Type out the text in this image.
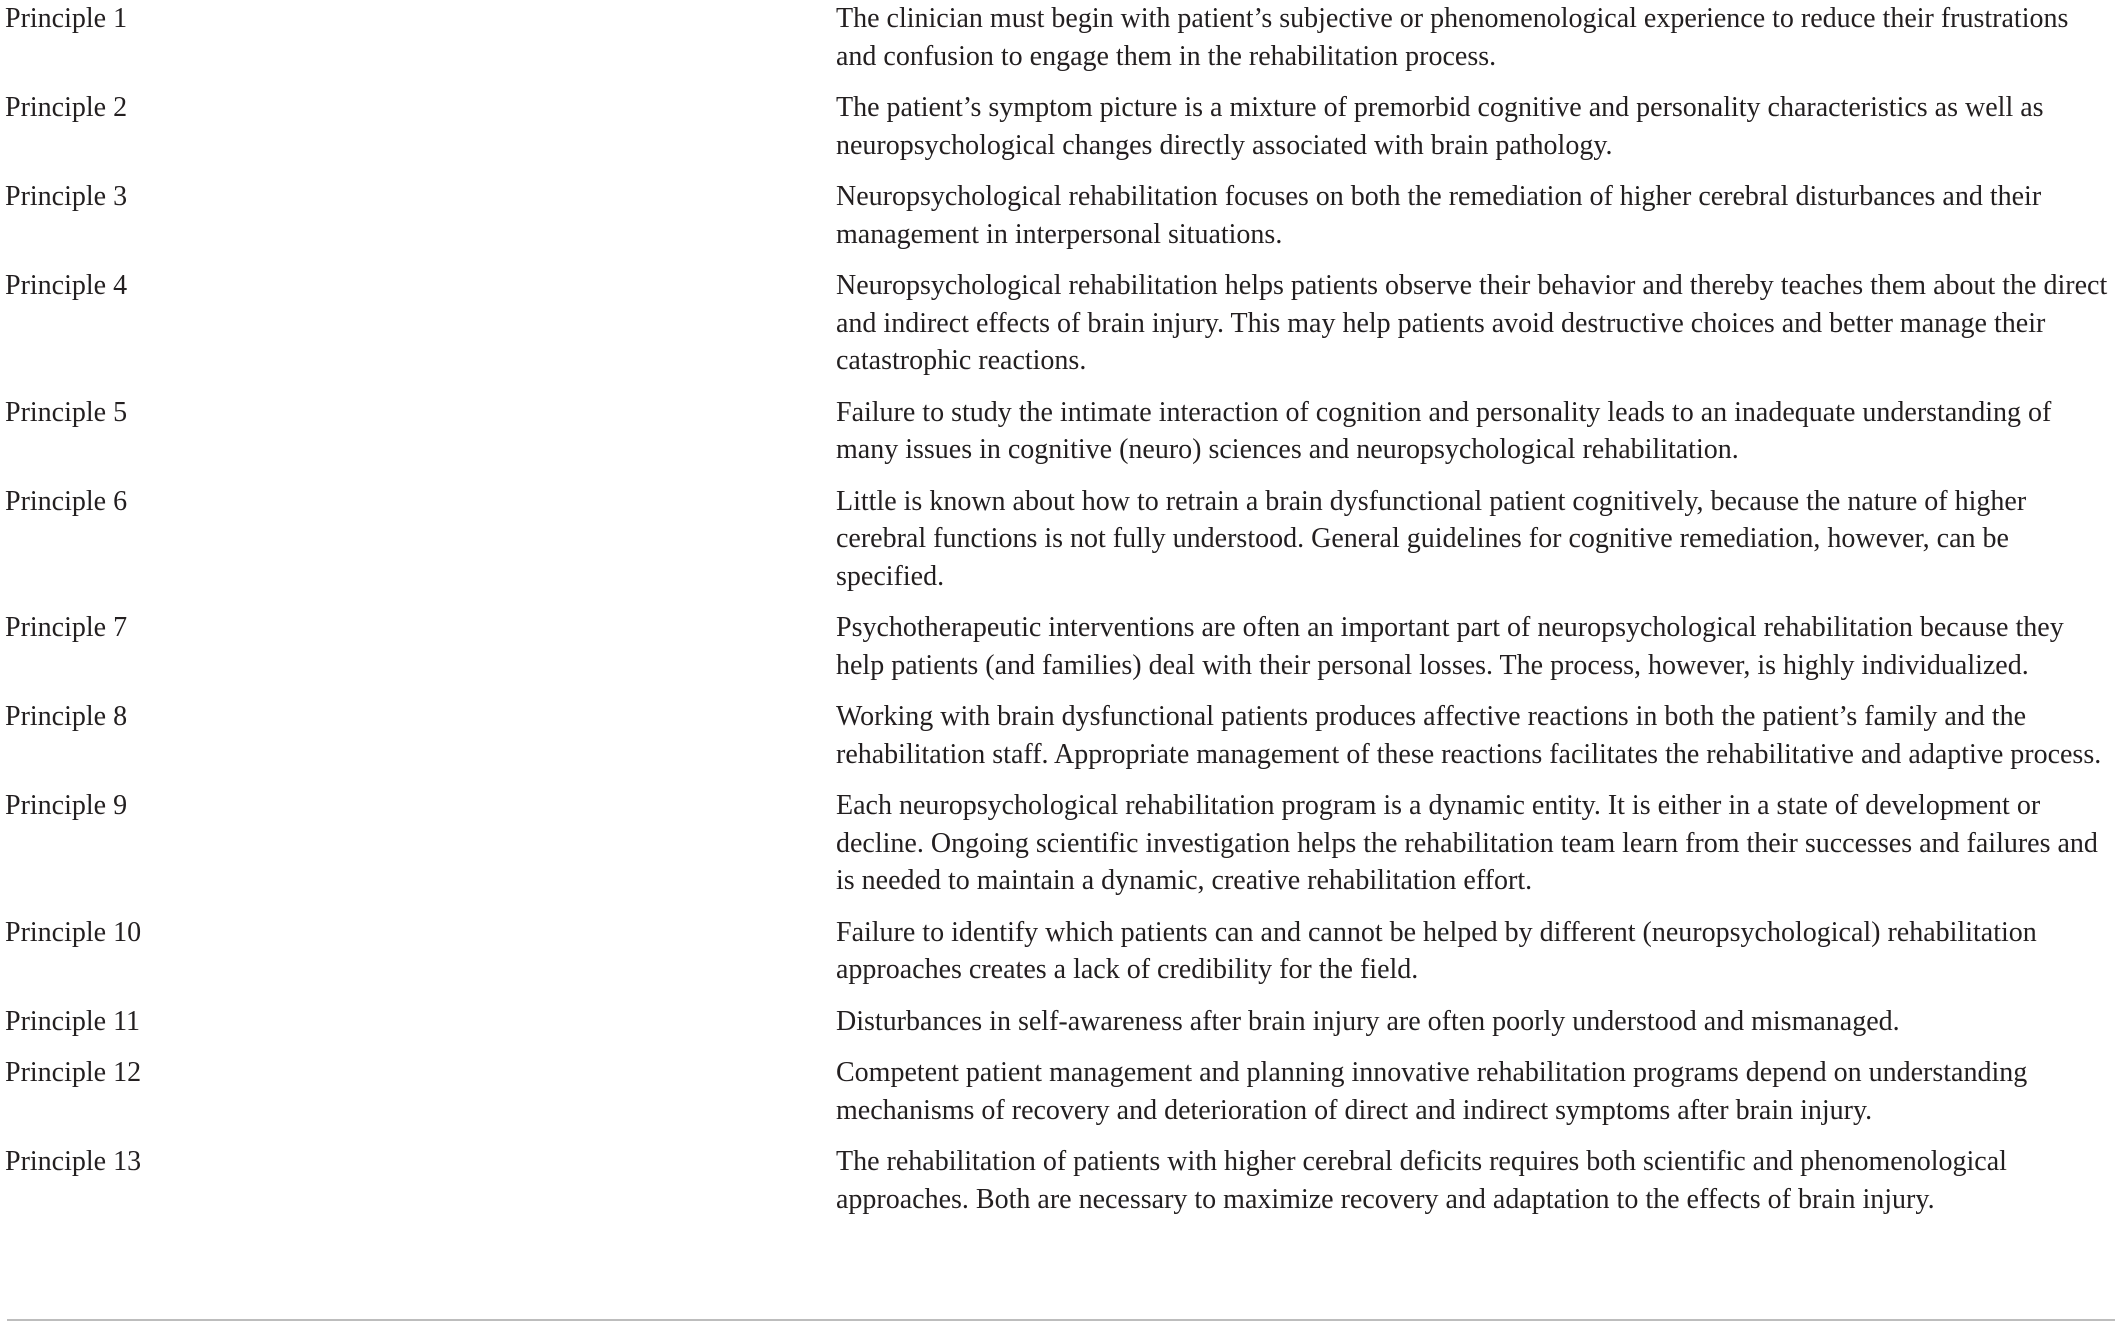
Principle 1	The clinician must begin with patient’s subjective or phenomenological experience to reduce their frustrations and confusion to engage them in the rehabilitation process.
Principle 2	The patient’s symptom picture is a mixture of premorbid cognitive and personality characteristics as well as neuropsychological changes directly associated with brain pathology.
Principle 3	Neuropsychological rehabilitation focuses on both the remediation of higher cerebral disturbances and their management in interpersonal situations.
Principle 4	Neuropsychological rehabilitation helps patients observe their behavior and thereby teaches them about the direct and indirect effects of brain injury. This may help patients avoid destructive choices and better manage their catastrophic reactions.
Principle 5	Failure to study the intimate interaction of cognition and personality leads to an inadequate understanding of many issues in cognitive (neuro) sciences and neuropsychological rehabilitation.
Principle 6	Little is known about how to retrain a brain dysfunctional patient cognitively, because the nature of higher cerebral functions is not fully understood. General guidelines for cognitive remediation, however, can be specified.
Principle 7	Psychotherapeutic interventions are often an important part of neuropsychological rehabilitation because they help patients (and families) deal with their personal losses. The process, however, is highly individualized.
Principle 8	Working with brain dysfunctional patients produces affective reactions in both the patient’s family and the rehabilitation staff. Appropriate management of these reactions facilitates the rehabilitative and adaptive process.
Principle 9	Each neuropsychological rehabilitation program is a dynamic entity. It is either in a state of development or decline. Ongoing scientific investigation helps the rehabilitation team learn from their successes and failures and is needed to maintain a dynamic, creative rehabilitation effort.
Principle 10	Failure to identify which patients can and cannot be helped by different (neuropsychological) rehabilitation approaches creates a lack of credibility for the field.
Principle 11	Disturbances in self-awareness after brain injury are often poorly understood and mismanaged.
Principle 12	Competent patient management and planning innovative rehabilitation programs depend on understanding mechanisms of recovery and deterioration of direct and indirect symptoms after brain injury.
Principle 13	The rehabilitation of patients with higher cerebral deficits requires both scientific and phenomenological approaches. Both are necessary to maximize recovery and adaptation to the effects of brain injury.
